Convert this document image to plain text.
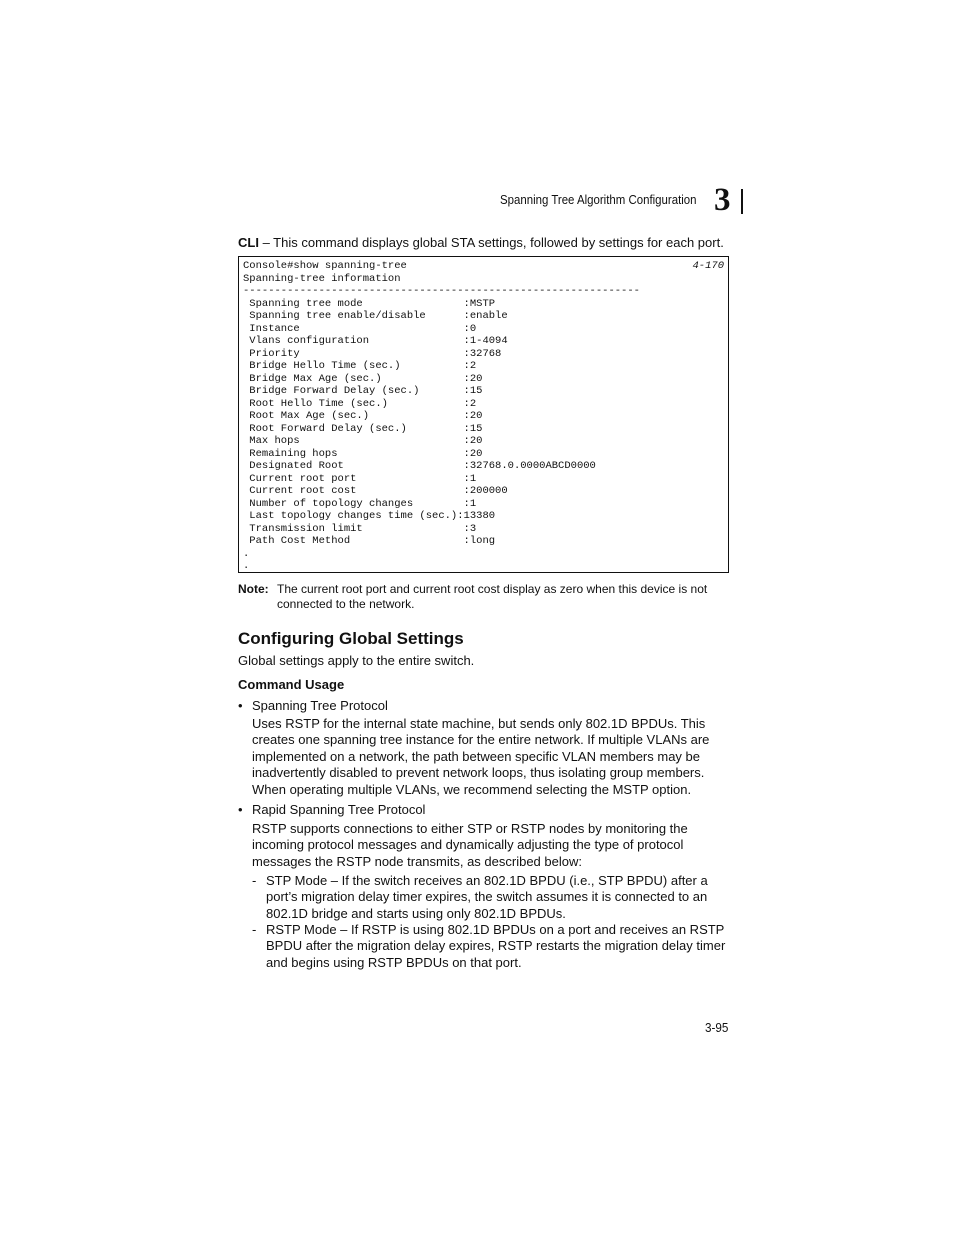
Spanning Tree Algorithm Configuration 3
CLI – This command displays global STA settings, followed by settings for each port.
Console#show spanning-tree
Spanning-tree information
---------------------------------------------------------------
Spanning tree mode                :MSTP
Spanning tree enable/disable      :enable
Instance                          :0
Vlans configuration               :1-4094
Priority                          :32768
Bridge Hello Time (sec.)          :2
Bridge Max Age (sec.)             :20
Bridge Forward Delay (sec.)       :15
Root Hello Time (sec.)            :2
Root Max Age (sec.)               :20
Root Forward Delay (sec.)         :15
Max hops                          :20
Remaining hops                    :20
Designated Root                   :32768.0.0000ABCD0000
Current root port                 :1
Current root cost                 :200000
Number of topology changes        :1
Last topology changes time (sec.):13380
Transmission limit                :3
Path Cost Method                  :long
.
.
4-170
Note: The current root port and current root cost display as zero when this device is not connected to the network.
Configuring Global Settings
Global settings apply to the entire switch.
Command Usage
• Spanning Tree Protocol
Uses RSTP for the internal state machine, but sends only 802.1D BPDUs. This creates one spanning tree instance for the entire network. If multiple VLANs are implemented on a network, the path between specific VLAN members may be inadvertently disabled to prevent network loops, thus isolating group members. When operating multiple VLANs, we recommend selecting the MSTP option.
• Rapid Spanning Tree Protocol
RSTP supports connections to either STP or RSTP nodes by monitoring the incoming protocol messages and dynamically adjusting the type of protocol messages the RSTP node transmits, as described below:
- STP Mode – If the switch receives an 802.1D BPDU (i.e., STP BPDU) after a port’s migration delay timer expires, the switch assumes it is connected to an 802.1D bridge and starts using only 802.1D BPDUs.
- RSTP Mode – If RSTP is using 802.1D BPDUs on a port and receives an RSTP BPDU after the migration delay expires, RSTP restarts the migration delay timer and begins using RSTP BPDUs on that port.
3-95
